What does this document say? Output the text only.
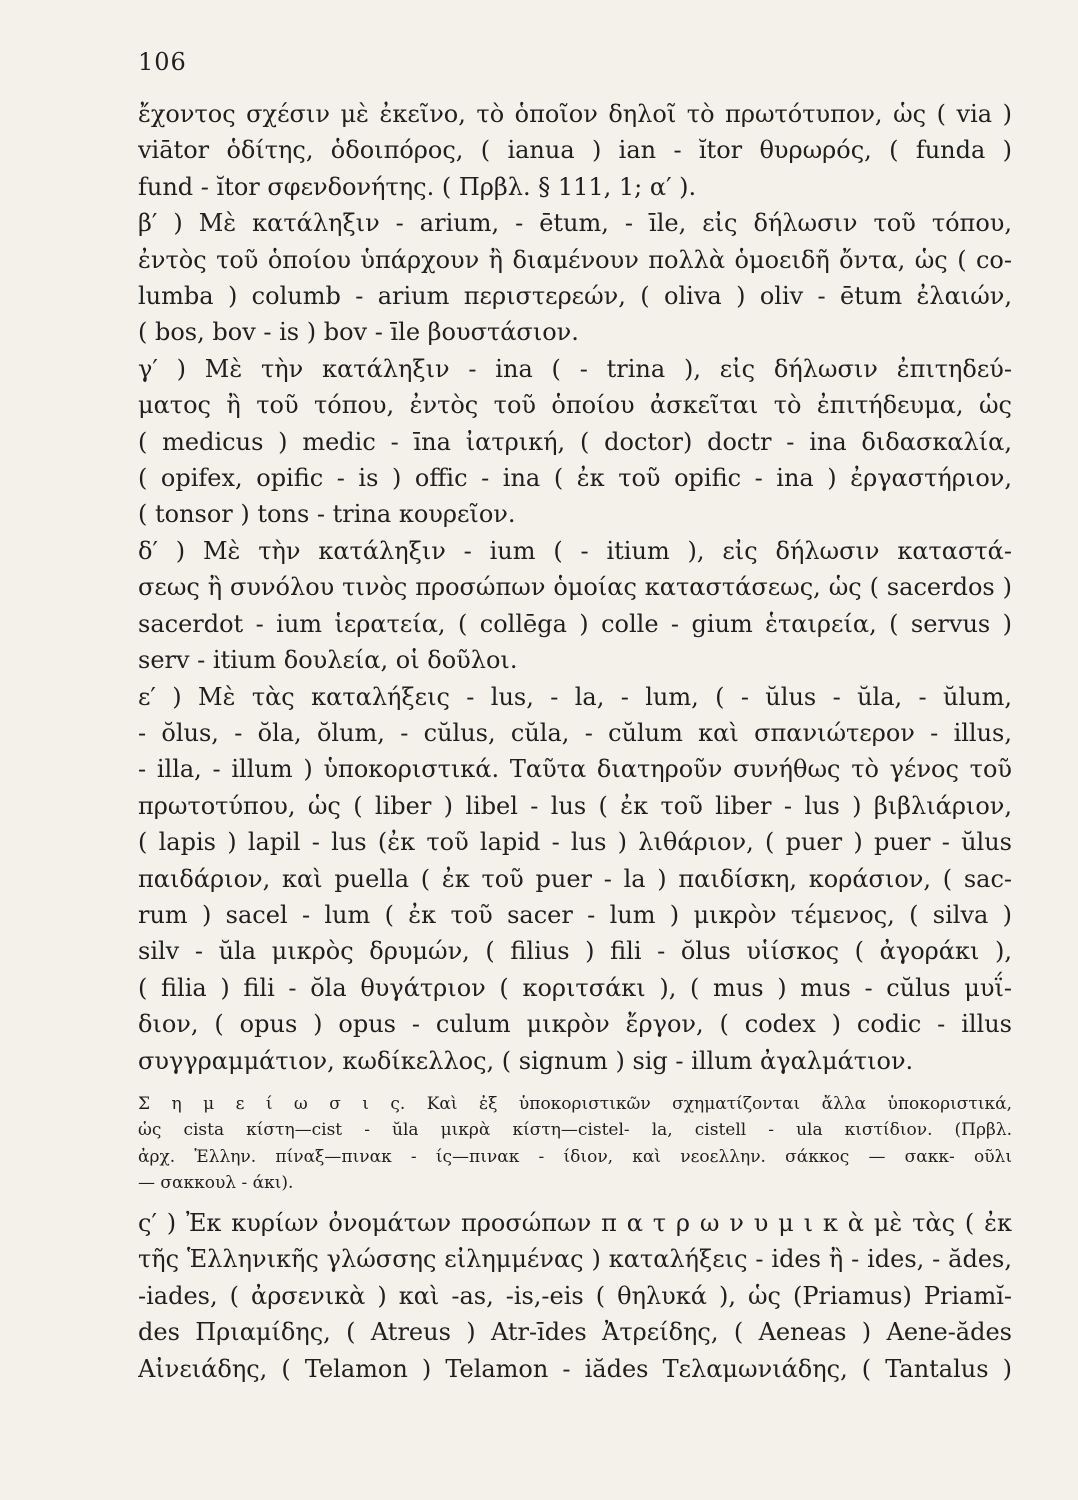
106
ἔχοντος σχέσιν μὲ ἐκεῖνο, τὸ ὁποῖον δηλοῖ τὸ πρωτότυπον, ὡς ( via )
viātor ὁδίτης, ὁδοιπόρος, ( ianua ) ian - ĭtor θυρωρός, ( funda )
fund - ĭtor σφενδονήτης. ( Πρβλ. § 111, 1; α′ ).
β′ ) Μὲ κατάληξιν - arium, - ētum, - īle, εἰς δήλωσιν τοῦ τόπου,
ἐντὸς τοῦ ὁποίου ὑπάρχουν ἢ διαμένουν πολλὰ ὁμοειδῆ ὄντα, ὡς ( co-
lumba ) columb - arium περιστερεών, ( oliva ) oliv - ētum ἐλαιών,
( bos, bov - is ) bov - īle βουστάσιον.
γ′ ) Μὲ τὴν κατάληξιν - ina ( - trina ), εἰς δήλωσιν ἐπιτηδεύ-
ματος ἢ τοῦ τόπου, ἐντὸς τοῦ ὁποίου ἀσκεῖται τὸ ἐπιτήδευμα, ὡς
( medicus ) medic - īna ἰατρική, ( doctor) doctr - ina διδασκαλία,
( opifex, opific - is ) offic - ina ( ἐκ τοῦ opific - ina ) ἐργαστήριον,
( tonsor ) tons - trina κουρεῖον.
δ′ ) Μὲ τὴν κατάληξιν - ium ( - itium ), εἰς δήλωσιν καταστά-
σεως ἢ συνόλου τινὸς προσώπων ὁμοίας καταστάσεως, ὡς ( sacerdos )
sacerdot - ium ἱερατεία, ( collēga ) colle - gium ἑταιρεία, ( servus )
serv - itium δουλεία, οἱ δοῦλοι.
ε′ ) Μὲ τὰς καταλήξεις - lus, - la, - lum, ( - ŭlus - ŭla, - ŭlum,
- ŏlus, - ŏla, ŏlum, - cŭlus, cŭla, - cŭlum καὶ σπανιώτερον - illus,
- illa, - illum ) ὑποκοριστικά. Ταῦτα διατηροῦν συνήθως τὸ γένος τοῦ
πρωτοτύπου, ὡς ( liber ) libel - lus ( ἐκ τοῦ liber - lus ) βιβλιάριον,
( lapis ) lapil - lus (ἐκ τοῦ lapid - lus ) λιθάριον, ( puer ) puer - ŭlus
παιδάριον, καὶ puella ( ἐκ τοῦ puer - la ) παιδίσκη, κοράσιον, ( sac-
rum ) sacel - lum ( ἐκ τοῦ sacer - lum ) μικρὸν τέμενος, ( silva )
silv - ŭla μικρὸς δρυμών, ( filius ) fili - ŏlus υἱίσκος ( ἀγοράκι ),
( filia ) fili - ŏla θυγάτριον ( κοριτσάκι ), ( mus ) mus - cŭlus μυΐ-
διον, ( opus ) opus - culum μικρὸν ἔργον, ( codex ) codic - illus
συγγραμμάτιον, κωδίκελλος, ( signum ) sig - illum ἀγαλμάτιον.
Σ η μ ε ί ω σ ι ς. Καὶ ἐξ ὑποκοριστικῶν σχηματίζονται ἄλλα ὑποκοριστικά,
ὡς cista κίστη—cist - ŭla μικρὰ κίστη—cistel- la, cistell - ula κιστίδιον. (Πρβλ.
ἀρχ. Ἑλλην. πίναξ—πινακ - ίς—πινακ - ίδιον, καὶ νεοελλην. σάκκος — σακκ- οῦλι
— σακκουλ - άκι).
ς′ ) Ἐκ κυρίων ὀνομάτων προσώπων π α τ ρ ω ν υ μ ι κ ὰ μὲ τὰς ( ἐκ
τῆς Ἑλληνικῆς γλώσσης εἰλημμένας ) καταλήξεις - ides ἢ - ides, - ădes,
-iades, ( ἀρσενικὰ ) καὶ -as, -is,-eis ( θηλυκά ), ὡς (Priamus) Priamĭ-
des Πριαμίδης, ( Atreus ) Atr-īdes Ἀτρείδης, ( Aeneas ) Aene-ădes
Αἰνειάδης, ( Telamon ) Telamon - iădes Τελαμωνιάδης, ( Tantalus )
